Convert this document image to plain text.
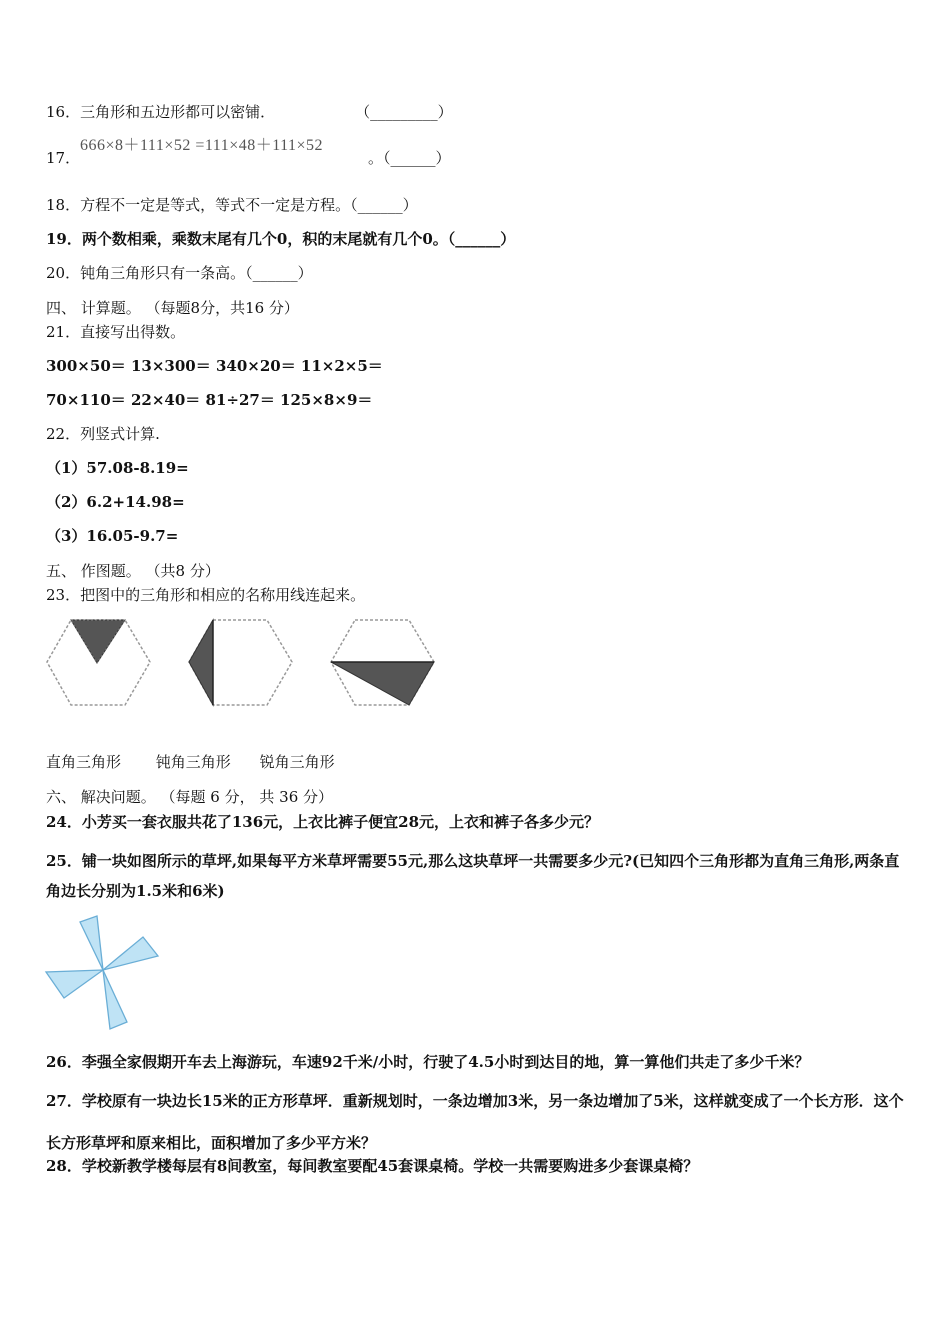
16．三角形和五边形都可以密铺．	（_________）
17．
666×8＋111×52 =111×48＋111×52
。（______）
18．方程不一定是等式，等式不一定是方程。（______）
19．两个数相乘，乘数末尾有几个0，积的末尾就有几个0。（______）
20．钝角三角形只有一条高。（______）
四、 计算题。 （每题8分，共16 分）
21．直接写出得数。
300×50＝ 13×300＝ 340×20＝ 11×2×5＝
70×110＝ 22×40＝ 81÷27＝ 125×8×9＝
22．列竖式计算.
（1）57.08-8.19=
（2）6.2+14.98=
（3）16.05-9.7=
五、 作图题。 （共8 分）
23．把图中的三角形和相应的名称用线连起来。
直角三角形 钝角三角形 锐角三角形
六、 解决问题。 （每题 6 分， 共 36 分）
24．小芳买一套衣服共花了136元，上衣比裤子便宜28元，上衣和裤子各多少元？
25．铺一块如图所示的草坪,如果每平方米草坪需要55元,那么这块草坪一共需要多少元?(已知四个三角形都为直角三角形,两条直角边长分别为1.5米和6米)
26．李强全家假期开车去上海游玩，车速92千米/小时，行驶了4.5小时到达目的地，算一算他们共走了多少千米？
27．学校原有一块边长15米的正方形草坪．重新规划时，一条边增加3米，另一条边增加了5米，这样就变成了一个长方形．这个长方形草坪和原来相比，面积增加了多少平方米？
28．学校新教学楼每层有8间教室，每间教室要配45套课桌椅。学校一共需要购进多少套课桌椅？
